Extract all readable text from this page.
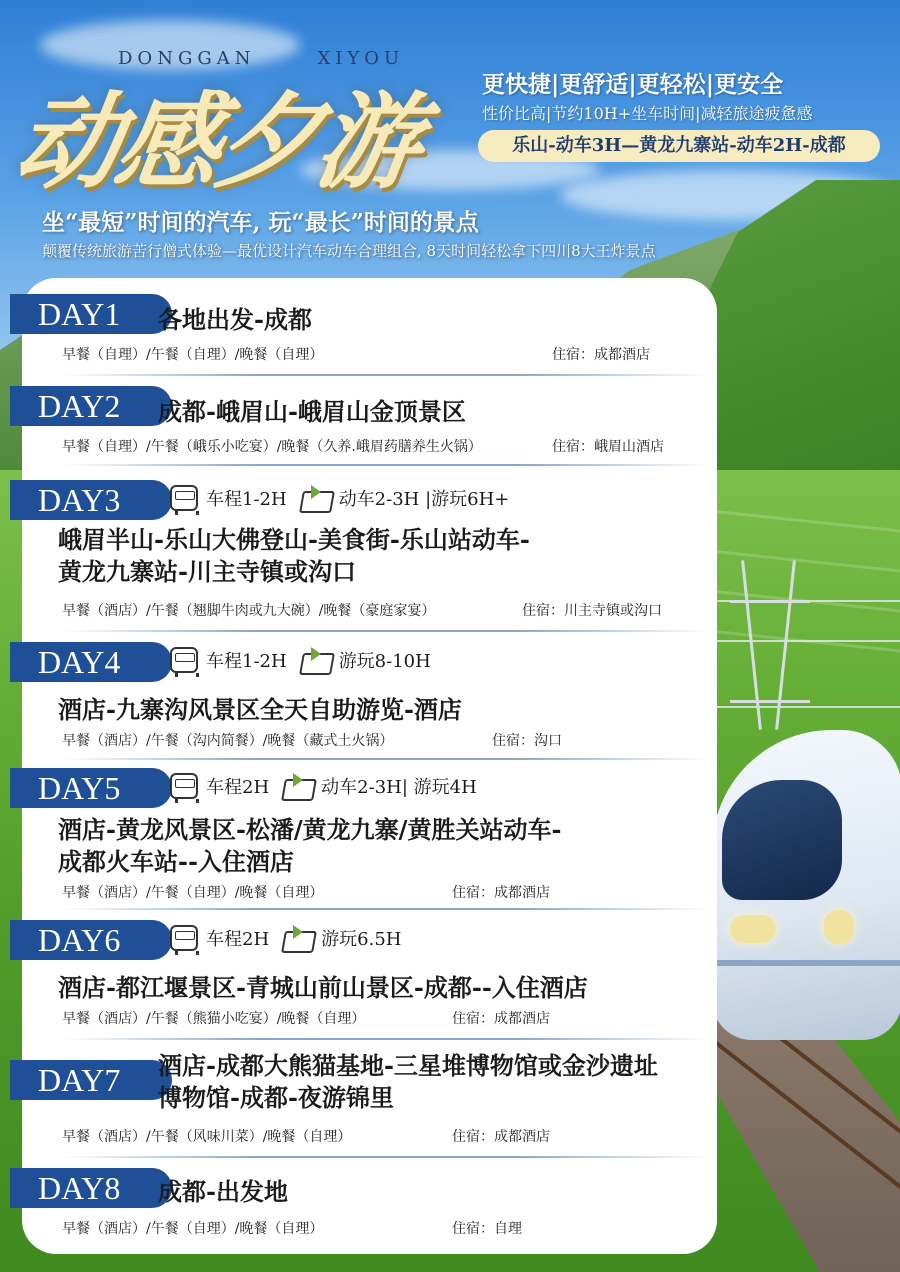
DONGGAN	XIYOU
动感夕游 更快捷|更舒适|更轻松|更安全
性价比高|节约10H+坐车时间|减轻旅途疲惫感
乐山-动车3H—黄龙九寨站-动车2H-成都
坐“最短”时间的汽车, 玩“最长”时间的景点
颠覆传统旅游苦行僧式体验—最优设计汽车动车合理组合, 8天时间轻松拿下四川8大王炸景点
DAY1	各地出发-成都
早餐（自理）/午餐（自理）/晚餐（自理）	住宿：成都酒店
DAY2	成都-峨眉山-峨眉山金顶景区
早餐（自理）/午餐（峨乐小吃宴）/晚餐（久养.峨眉药膳养生火锅）	住宿：峨眉山酒店
DAY3	车程1-2H	动车2-3H |游玩6H+
峨眉半山-乐山大佛登山-美食街-乐山站动车-
黄龙九寨站-川主寺镇或沟口
早餐（酒店）/午餐（翘脚牛肉或九大碗）/晚餐（豪庭家宴）	住宿：川主寺镇或沟口
DAY4	车程1-2H	游玩8-10H
酒店-九寨沟风景区全天自助游览-酒店
早餐（酒店）/午餐（沟内简餐）/晚餐（藏式土火锅）	住宿：沟口
DAY5	车程2H	动车2-3H| 游玩4H
酒店-黄龙风景区-松潘/黄龙九寨/黄胜关站动车-
成都火车站--入住酒店
早餐（酒店）/午餐（自理）/晚餐（自理）	住宿：成都酒店
DAY6	车程2H	游玩6.5H
酒店-都江堰景区-青城山前山景区-成都--入住酒店
早餐（酒店）/午餐（熊猫小吃宴）/晚餐（自理）	住宿：成都酒店
DAY7	酒店-成都大熊猫基地-三星堆博物馆或金沙遗址
博物馆-成都-夜游锦里
早餐（酒店）/午餐（风味川菜）/晚餐（自理）	住宿：成都酒店
DAY8	成都-出发地
早餐（酒店）/午餐（自理）/晚餐（自理）	住宿：自理
